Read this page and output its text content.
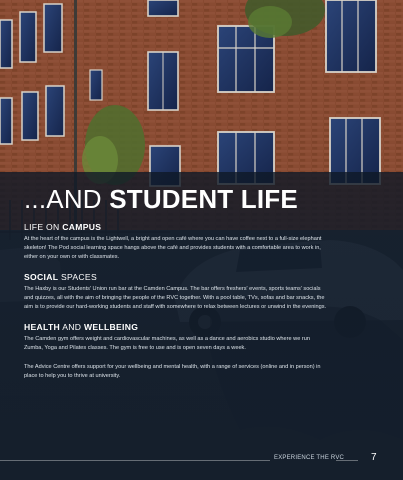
...AND STUDENT LIFE
LIFE ON CAMPUS

At the heart of the campus is the Lightwell, a bright and open café where you can have coffee next to a full-size elephant skeleton! The Pod social learning space hangs above the café and provides students with a comfortable area to work in, either on your own or with classmates.

SOCIAL SPACES

The Haxby is our Students' Union run bar at the Camden Campus. The bar offers freshers' events, sports teams' socials and quizzes, all with the aim of bringing the people of the RVC together. With a pool table, TVs, sofas and bar snacks, the aim is to provide our hard-working students and staff with somewhere to relax between lectures or unwind in the evenings.

HEALTH AND WELLBEING

The Camden gym offers weight and cardiovascular machines, as well as a dance and aerobics studio where we run Zumba, Yoga and Pilates classes. The gym is free to use and is open seven days a week.

The Advice Centre offers support for your wellbeing and mental health, with a range of services (online and in person) in place to help you to thrive at university.

EXPERIENCE THE RVC	7
